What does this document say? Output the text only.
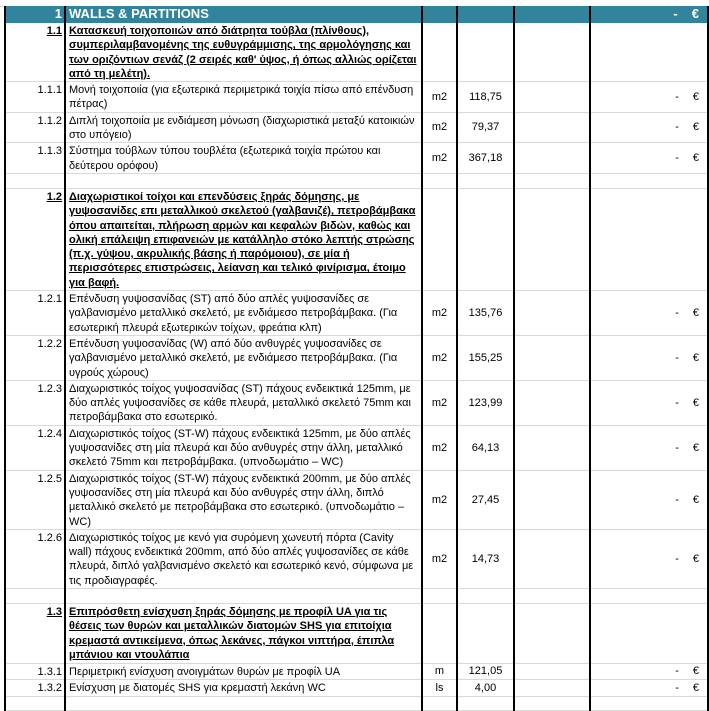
1	WALLS & PARTITIONS				- €	
1.1	Κατασκευή τοιχοποιιών από διάτρητα τούβλα (πλίνθους), συμπεριλαμβανομένης της ευθυγράμμισης, της αρμολόγησης και των οριζόντιων σενάζ (2 σειρές καθ' ύψος, ή όπως αλλιώς ορίζεται από τη μελέτη).					
1.1.1	Μονή τοιχοποιία (για εξωτερικά περιμετρικά τοιχία πίσω από επένδυση πέτρας)	m2	118,75		- €	
1.1.2	Διπλή τοιχοποιία με ενδιάμεση μόνωση (διαχωριστικά μεταξύ κατοικιών στο υπόγειο)	m2	79,37		- €	
1.1.3	Σύστημα τούβλων τύπου τουβλέτα (εξωτερικά τοιχία πρώτου και δεύτερου ορόφου)	m2	367,18		- €	

1.2	Διαχωριστικοί τοίχοι και επενδύσεις ξηράς δόμησης, με γυψοσανίδες επι μεταλλικού σκελετού (γαλβανιζέ), πετροβάμβακα όπου απαιτείται, πλήρωση αρμών και κεφαλών βιδών, καθώς και ολική επάλειψη επιφανειών με κατάλληλο στόκο λεπτής στρώσης (π.χ. γύψου, ακρυλικής βάσης ή παρόμοιου), σε μία ή περισσότερες επιστρώσεις, λείανση και τελικό φινίρισμα, έτοιμο για βαφή.					
1.2.1	Επένδυση γυψοσανίδας (ST) από δύο απλές γυψοσανίδες σε γαλβανισμένο μεταλλικό σκελετό, με ενδιάμεσο πετροβάμβακα. (Για εσωτερική πλευρά εξωτερικών τοίχων, φρεάτια κλπ)	m2	135,76		- €	
1.2.2	Επένδυση γυψοσανίδας (W) από δύο ανθυγρές γυψοσανίδες σε γαλβανισμένο μεταλλικό σκελετό, με ενδιάμεσο πετροβάμβακα. (Για υγρούς χώρους)	m2	155,25		- €	
1.2.3	Διαχωριστικός τοίχος γυψοσανίδας (ST) πάχους ενδεικτικά 125mm, με δύο απλές γυψοσανίδες σε κάθε πλευρά, μεταλλικό σκελετό 75mm και πετροβάμβακα στο εσωτερικό.	m2	123,99		- €	
1.2.4	Διαχωριστικός τοίχος (ST-W) πάχους ενδεικτικά 125mm, με δύο απλές γυψοσανίδες στη μία πλευρά και δύο ανθυγρές στην άλλη, μεταλλικό σκελετό 75mm και πετροβάμβακα. (υπνοδωμάτιο – WC)	m2	64,13		- €	
1.2.5	Διαχωριστικός τοίχος (ST-W) πάχους ενδεικτικά 200mm, με δύο απλές γυψοσανίδες στη μία πλευρά και δύο ανθυγρές στην άλλη, διπλό μεταλλικό σκελετό με πετροβάμβακα στο εσωτερικό. (υπνοδωμάτιο – WC)	m2	27,45		- €	
1.2.6	Διαχωριστικός τοίχος με κενό για συρόμενη χωνευτή πόρτα (Cavity wall) πάχους ενδεικτικά 200mm, από δύο απλές γυψοσανίδες σε κάθε πλευρά, διπλό γαλβανισμένο σκελετό και εσωτερικό κενό, σύμφωνα με τις προδιαγραφές.	m2	14,73		- €	

1.3	Επιπρόσθετη ενίσχυση ξηράς δόμησης με προφίλ UA για τις θέσεις των θυρών και μεταλλικών διατομών SHS για επιτοίχια κρεμαστά αντικείμενα, όπως λεκάνες, πάγκοι νιπτήρα, έπιπλα μπάνιου και ντουλάπια					
1.3.1	Περιμετρική ενίσχυση ανοιγμάτων θυρών με προφίλ UA	m	121,05		- €	
1.3.2	Ενίσχυση με διατομές SHS για κρεμαστή λεκάνη WC	ls	4,00		- €	
